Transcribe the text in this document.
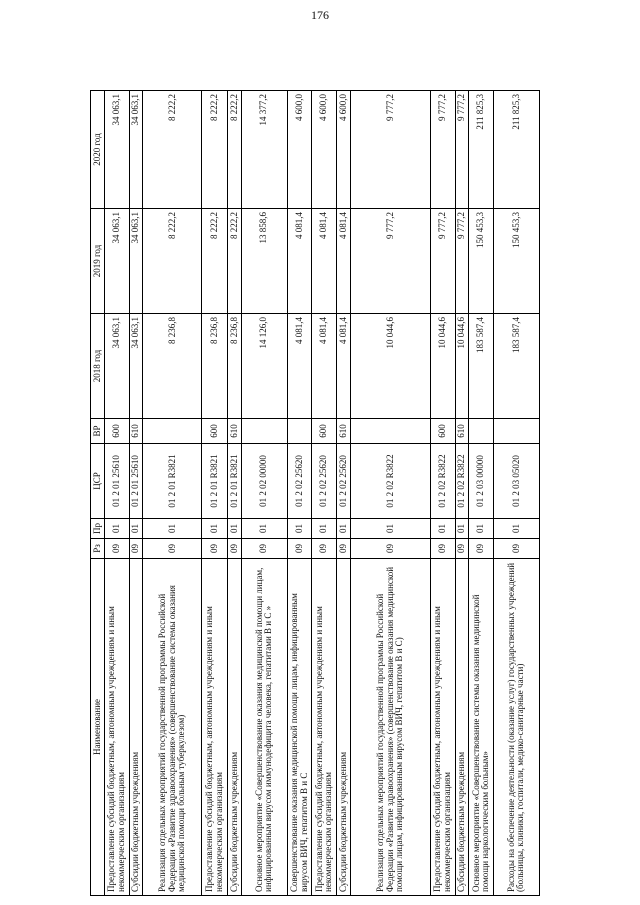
176
Наименование	Рз	Пр	ЦСР	ВР	2018 год	2019 год	2020 год
Предоставление субсидий бюджетным, автономным учреждениям и иным некоммерческим организациям	09	01	01 2 01 25610	600	34 063,1	34 063,1	34 063,1
Субсидии бюджетным учреждениям	09	01	01 2 01 25610	610	34 063,1	34 063,1	34 063,1
Реализация отдельных мероприятий государственной программы Российской Федерации «Развитие здравоохранения» (совершенствование системы оказания медицинской помощи больным туберкулезом)	09	01	01 2 01 R3821		8 236,8	8 222,2	8 222,2
Предоставление субсидий бюджетным, автономным учреждениям и иным некоммерческим организациям	09	01	01 2 01 R3821	600	8 236,8	8 222,2	8 222,2
Субсидии бюджетным учреждениям	09	01	01 2 01 R3821	610	8 236,8	8 222,2	8 222,2
Основное мероприятие «Совершенствование оказания медицинской помощи лицам, инфицированным вирусом иммунодефицита человека, гепатитами В и С »	09	01	01 2 02 00000		14 126,0	13 858,6	14 377,2
Совершенствование оказания медицинской помощи лицам, инфицированным вирусом ВИЧ, гепатитом В и С	09	01	01 2 02 25620		4 081,4	4 081,4	4 600,0
Предоставление субсидий бюджетным, автономным учреждениям и иным некоммерческим организациям	09	01	01 2 02 25620	600	4 081,4	4 081,4	4 600,0
Субсидии бюджетным учреждениям	09	01	01 2 02 25620	610	4 081,4	4 081,4	4 600,0
Реализация отдельных мероприятий государственной программы Российской Федерации «Развитие здравоохранения» (совершенствование оказания медицинской помощи лицам, инфицированным вирусом ВИЧ, гепатитом В и С)	09	01	01 2 02 R3822		10 044,6	9 777,2	9 777,2
Предоставление субсидий бюджетным, автономным учреждениям и иным некоммерческим организациям	09	01	01 2 02 R3822	600	10 044,6	9 777,2	9 777,2
Субсидии бюджетным учреждениям	09	01	01 2 02 R3822	610	10 044,6	9 777,2	9 777,2
Основное мероприятие «Совершенствование системы оказания медицинской помощи наркологическим больным»	09	01	01 2 03 00000		183 587,4	150 453,3	211 825,3
Расходы на обеспечение деятельности (оказание услуг) государственных учреждений (больницы, клиники, госпитали, медико-санитарные части)	09	01	01 2 03 05020		183 587,4	150 453,3	211 825,3
